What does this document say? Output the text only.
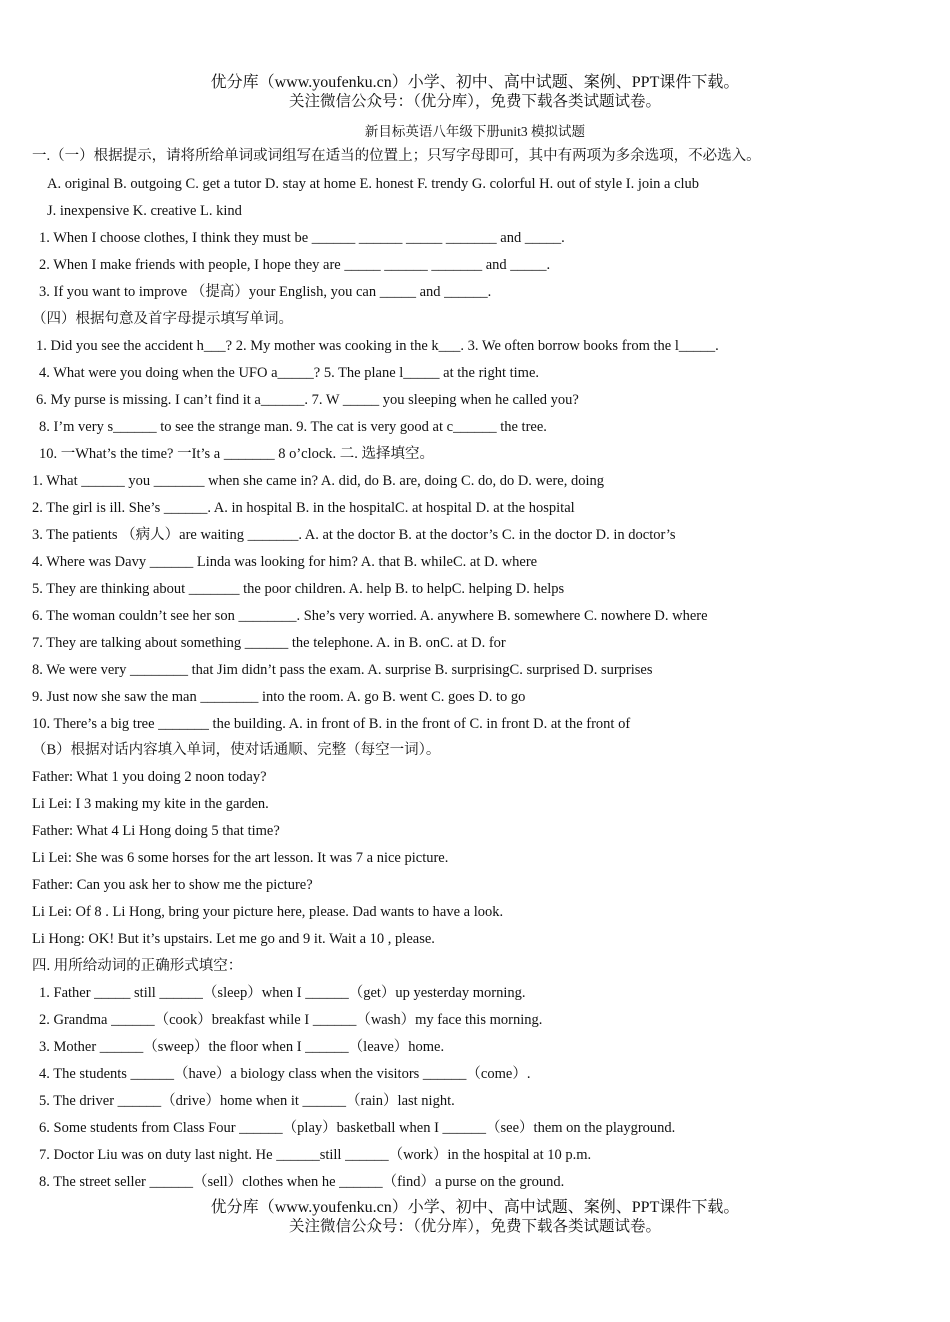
优分库（www.youfenku.cn）小学、初中、高中试题、案例、PPT课件下载。
关注微信公众号：（优分库），免费下载各类试题试卷。
新目标英语八年级下册unit3 模拟试题
一.（一）根据提示，请将所给单词或词组写在适当的位置上；只写字母即可，其中有两项为多余选项，不必选入。
A. original B. outgoing C. get a tutor D. stay at home E. honest F. trendy G. colorful H. out of style I. join a club
J. inexpensive K. creative L. kind
1. When I choose clothes, I think they must be ______ ______ _____ _______ and _____.
2. When I make friends with people, I hope they are _____ ______ _______ and _____.
3. If you want to improve （提高）your English, you can _____ and ______.
（四）根据句意及首字母提示填写单词。
1. Did you see the accident h___? 2. My mother was cooking in the k___. 3. We often borrow books from the l_____.
4. What were you doing when the UFO a_____? 5. The plane l_____ at the right time.
6. My purse is missing. I can’t find it a______. 7. W _____ you sleeping when he called you?
8. I’m very s______ to see the strange man. 9. The cat is very good at c______ the tree.
10. 一What’s the time? 一It’s a _______ 8 o’clock. 二. 选择填空。
1. What ______ you _______ when she came in? A. did, do B. are, doing C. do, do D. were, doing
2. The girl is ill. She’s ______. A. in hospital B. in the hospitalC. at hospital D. at the hospital
3. The patients （病人）are waiting _______. A. at the doctor B. at the doctor’s C. in the doctor D. in doctor’s
4. Where was Davy ______ Linda was looking for him? A. that B. whileC. at D. where
5. They are thinking about _______ the poor children. A. help B. to helpC. helping D. helps
6. The woman couldn’t see her son ________. She’s very worried. A. anywhere B. somewhere C. nowhere D. where
7. They are talking about something ______ the telephone. A. in B. onC. at D. for
8. We were very ________ that Jim didn’t pass the exam. A. surprise B. surprisingC. surprised D. surprises
9. Just now she saw the man ________ into the room. A. go B. went C. goes D. to go
10. There’s a big tree _______ the building. A. in front of B. in the front of C. in front D. at the front of
（B）根据对话内容填入单词，使对话通顺、完整（每空一词）。
Father: What 1 you doing 2 noon today?
Li Lei: I 3 making my kite in the garden.
Father: What 4 Li Hong doing 5 that time?
Li Lei: She was 6 some horses for the art lesson. It was 7 a nice picture.
Father: Can you ask her to show me the picture?
Li Lei: Of 8 . Li Hong, bring your picture here, please. Dad wants to have a look.
Li Hong: OK! But it’s upstairs. Let me go and 9 it. Wait a 10 , please.
四. 用所给动词的正确形式填空：
1. Father _____ still ______（sleep）when I ______（get）up yesterday morning.
2. Grandma ______（cook）breakfast while I ______（wash）my face this morning.
3. Mother ______（sweep）the floor when I ______（leave）home.
4. The students ______（have）a biology class when the visitors ______（come）.
5. The driver ______（drive）home when it ______（rain）last night.
6. Some students from Class Four ______（play）basketball when I ______（see）them on the playground.
7. Doctor Liu was on duty last night. He ______still ______（work）in the hospital at 10 p.m.
8. The street seller ______（sell）clothes when he ______（find）a purse on the ground.
优分库（www.youfenku.cn）小学、初中、高中试题、案例、PPT课件下载。
关注微信公众号：（优分库），免费下载各类试题试卷。
